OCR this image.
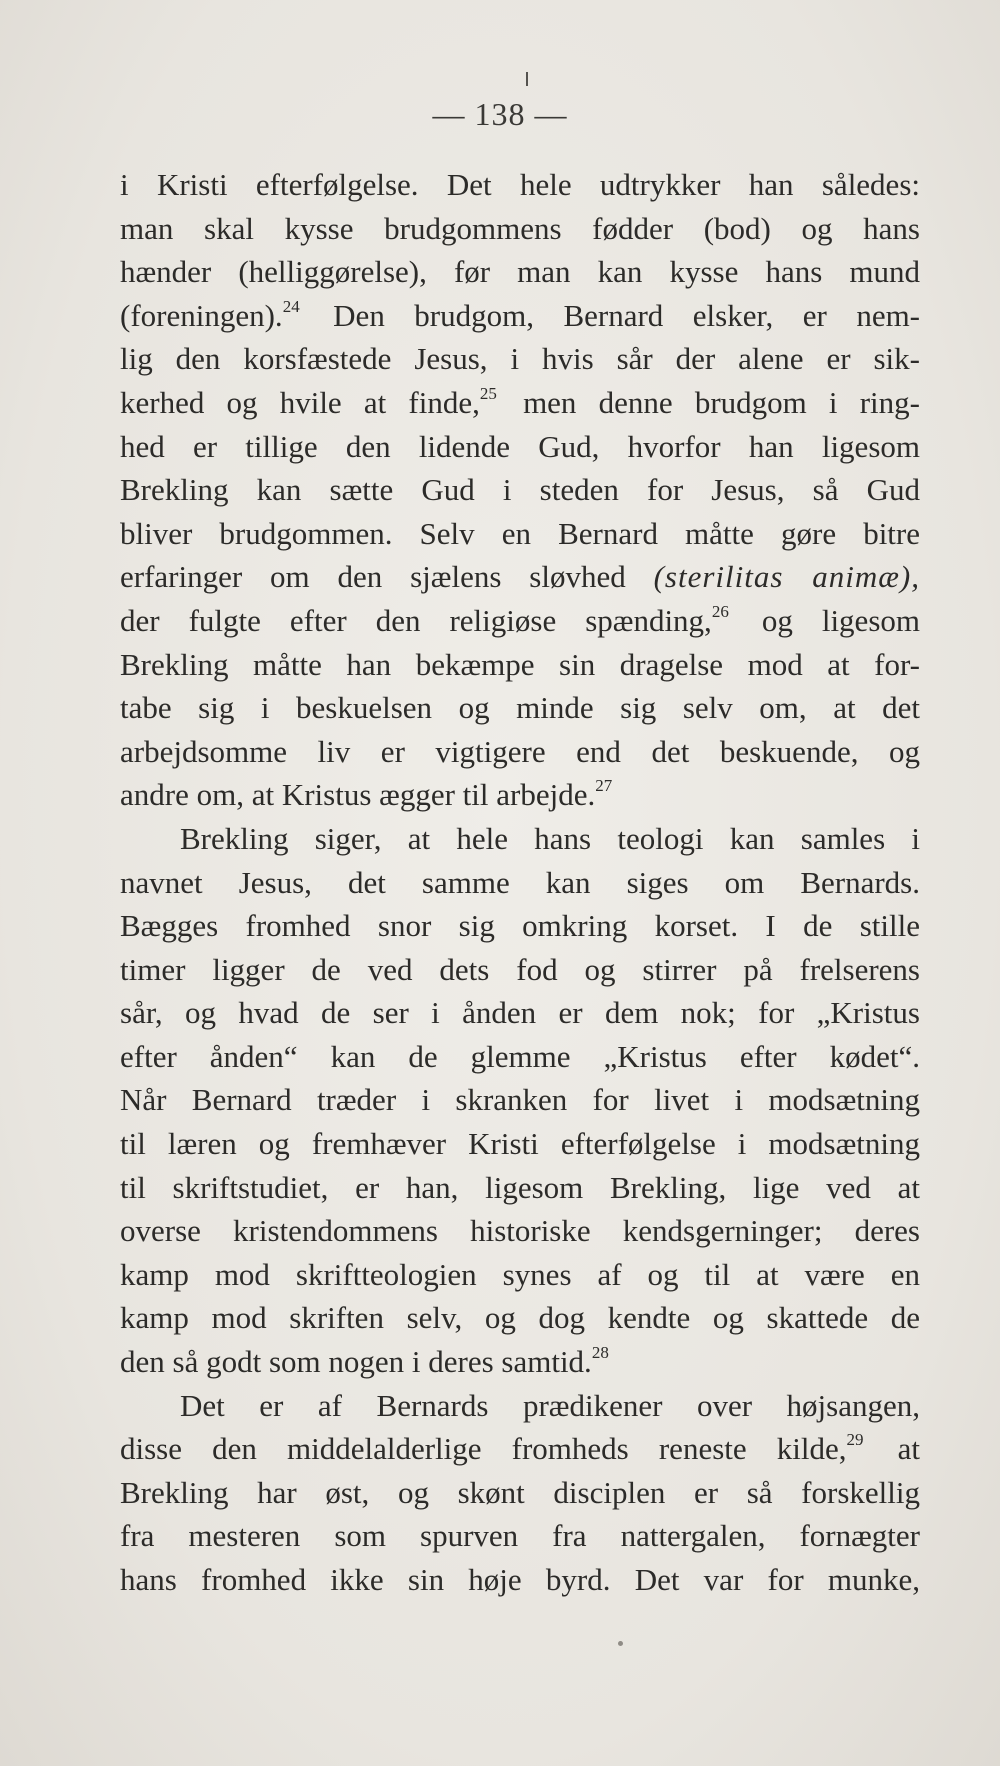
— 138 —
i Kristi efterfølgelse. Det hele udtrykker han således:
man skal kysse brudgommens fødder (bod) og hans
hænder (helliggørelse), før man kan kysse hans mund
(foreningen).$^{24}$ Den brudgom, Bernard elsker, er nem-
lig den korsfæstede Jesus, i hvis sår der alene er sik-
kerhed og hvile at finde,$^{25}$ men denne brudgom i ring-
hed er tillige den lidende Gud, hvorfor han ligesom
Brekling kan sætte Gud i steden for Jesus, så Gud
bliver brudgommen. Selv en Bernard måtte gøre bitre
erfaringer om den sjælens sløvhed (sterilitas animæ),
der fulgte efter den religiøse spænding,$^{26}$ og ligesom
Brekling måtte han bekæmpe sin dragelse mod at for-
tabe sig i beskuelsen og minde sig selv om, at det
arbejdsomme liv er vigtigere end det beskuende, og
andre om, at Kristus ægger til arbejde.$^{27}$
Brekling siger, at hele hans teologi kan samles i
navnet Jesus, det samme kan siges om Bernards.
Bægges fromhed snor sig omkring korset. I de stille
timer ligger de ved dets fod og stirrer på frelserens
sår, og hvad de ser i ånden er dem nok; for „Kristus
efter ånden“ kan de glemme „Kristus efter kødet“.
Når Bernard træder i skranken for livet i modsætning
til læren og fremhæver Kristi efterfølgelse i modsætning
til skriftstudiet, er han, ligesom Brekling, lige ved at
overse kristendommens historiske kendsgerninger; deres
kamp mod skriftteologien synes af og til at være en
kamp mod skriften selv, og dog kendte og skattede de
den så godt som nogen i deres samtid.$^{28}$
Det er af Bernards prædikener over højsangen,
disse den middelalderlige fromheds reneste kilde,$^{29}$ at
Brekling har øst, og skønt disciplen er så forskellig
fra mesteren som spurven fra nattergalen, fornægter
hans fromhed ikke sin høje byrd. Det var for munke,
